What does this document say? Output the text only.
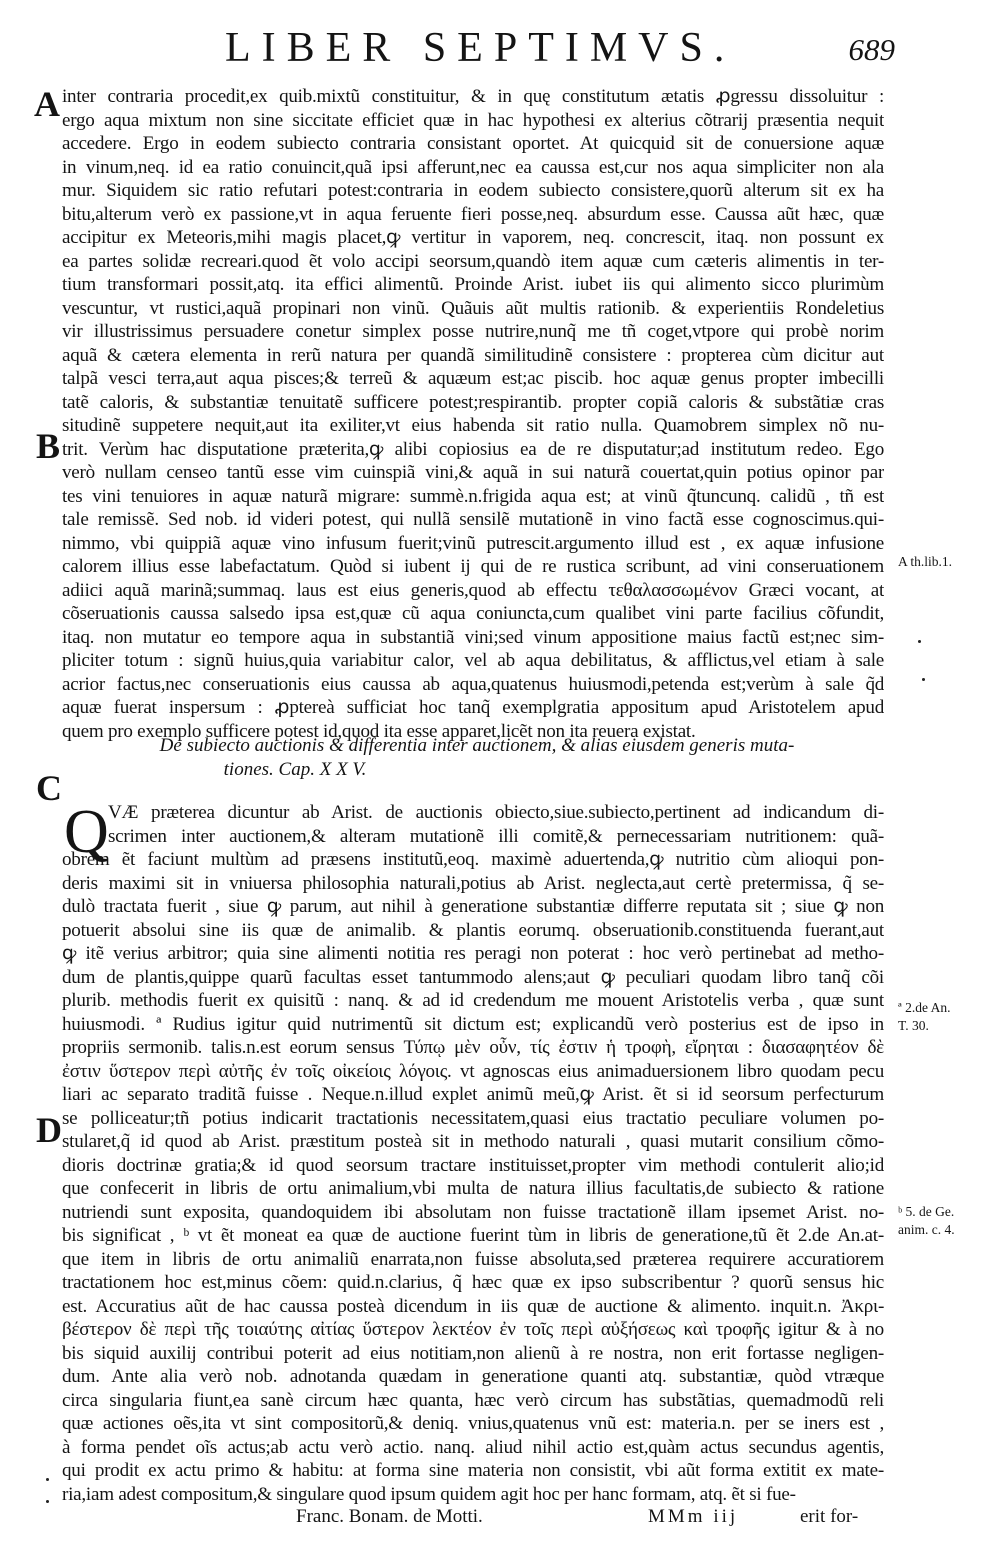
LIBER SEPTIMVS.	689
A
B
C
D
inter contraria procedit,ex quib.mixtũ constituitur, & in quę constitutum ætatis ꝓgressu dissoluitur :
ergo aqua mixtum non sine siccitate efficiet quæ in hac hypothesi ex alterius cõtrarij præsentia nequit
accedere. Ergo in eodem subiecto contraria consistant oportet. At quicquid sit de conuersione aquæ
in vinum,neq. id ea ratio conuincit,quã ipsi afferunt,nec ea caussa est,cur nos aqua simpliciter non ala
mur. Siquidem sic ratio refutari potest:contraria in eodem subiecto consistere,quorũ alterum sit ex ha
bitu,alterum verò ex passione,vt in aqua feruente fieri posse,neq. absurdum esse. Caussa aũt hæc, quæ
accipitur ex Meteoris,mihi magis placet,ꝙ vertitur in vaporem, neq. concrescit, itaq. non possunt ex
ea partes solidæ recreari.quod ẽt volo accipi seorsum,quandò item aquæ cum cæteris alimentis in ter-
tium transformari possit,atq. ita effici alimentũ. Proinde Arist. iubet iis qui alimento sicco plurimùm
vescuntur, vt rustici,aquã propinari non vinũ. Quãuis aũt multis rationib. & experientiis Rondeletius
vir illustrissimus persuadere conetur simplex posse nutrire,nunq̃ me tñ coget,vtpore qui probè norim
aquã & cætera elementa in rerũ natura per quandã similitudinẽ consistere : propterea cùm dicitur aut
talpã vesci terra,aut aqua pisces;& terreũ & aquæum est;ac piscib. hoc aquæ genus propter imbecilli
tatẽ caloris, & substantiæ tenuitatẽ sufficere potest;respirantib. propter copiã caloris & substãtiæ cras
situdinẽ suppetere nequit,aut ita exiliter,vt eius habenda sit ratio nulla. Quamobrem simplex nõ nu-
trit. Verùm hac disputatione præterita,ꝙ alibi copiosius ea de re disputatur;ad institutum redeo. Ego
verò nullam censeo tantũ esse vim cuinspiã vini,& aquã in sui naturã couertat,quin potius opinor par
tes vini tenuiores in aquæ naturã migrare: summè.n.frigida aqua est; at vinũ q̃tuncunq. calidũ , tñ est
tale remissẽ. Sed nob. id videri potest, qui nullã sensilẽ mutationẽ in vino factã esse cognoscimus.qui-
nimmo, vbi quippiã aquæ vino infusum fuerit;vinũ putrescit.argumento illud est , ex aquæ infusione
calorem illius esse labefactatum. Quòd si iubent ij qui de re rustica scribunt, ad vini conseruationem
adiici aquã marinã;summaq. laus est eius generis,quod ab effectu τεθαλασσωμένον Græci vocant, at
cõseruationis caussa salsedo ipsa est,quæ cũ aqua coniuncta,cum qualibet vini parte facilius cõfundit,
itaq. non mutatur eo tempore aqua in substantiã vini;sed vinum appositione maius factũ est;nec sim-
pliciter totum : signũ huius,quia variabitur calor, vel ab aqua debilitatus, & afflictus,vel etiam à sale
acrior factus,nec conseruationis eius caussa ab aqua,quatenus huiusmodi,petenda est;verùm à sale q̃d
aquæ fuerat inspersum : ꝓptereà sufficiat hoc tanq̃ exemplgratia appositum apud Aristotelem apud
quem pro exemplo sufficere potest id,quod ita esse apparet,licẽt non ita reuera existat.
De subiecto auctionis & differentia inter auctionem, & alias eiusdem generis muta-
tiones. Cap. X X V.
Q VÆ præterea dicuntur ab Arist. de auctionis obiecto,siue.subiecto,pertinent ad indicandum di-
scrimen inter auctionem,& alteram mutationẽ illi comitẽ,& pernecessariam nutritionem: quã-
obrem ẽt faciunt multùm ad præsens institutũ,eoq. maximè aduertenda,ꝙ nutritio cùm alioqui pon-
deris maximi sit in vniuersa philosophia naturali,potius ab Arist. neglecta,aut certè pretermissa, q̃ se-
dulò tractata fuerit , siue ꝙ parum, aut nihil à generatione substantiæ differre reputata sit ; siue ꝙ non
potuerit absolui sine iis quæ de animalib. & plantis eorumq. obseruationib.constituenda fuerant,aut
ꝙ itẽ verius arbitror; quia sine alimenti notitia res peragi non poterat : hoc verò pertinebat ad metho-
dum de plantis,quippe quarũ facultas esset tantummodo alens;aut ꝙ peculiari quodam libro tanq̃ cõi
plurib. methodis fuerit ex quisitũ : nanq. & ad id credendum me mouent Aristotelis verba , quæ sunt
huiusmodi. ª Rudius igitur quid nutrimentũ sit dictum est; explicandũ verò posterius est de ipso in
propriis sermonib. talis.n.est eorum sensus Τύπῳ μὲν οὖν, τίς ἐστιν ἡ τροφὴ, εἴρηται : διασαφητέον δὲ
ἐστιν ὕστερον περὶ αὐτῆς ἐν τοῖς οἰκείοις λόγοις. vt agnoscas eius animaduersionem libro quodam pecu
liari ac separato traditã fuisse . Neque.n.illud explet animũ meũ,ꝙ Arist. ẽt si id seorsum perfecturum
se polliceatur;tñ potius indicarit tractationis necessitatem,quasi eius tractatio peculiare volumen po-
stularet,q̃ id quod ab Arist. præstitum posteà sit in methodo naturali , quasi mutarit consilium cõmo-
dioris doctrinæ gratia;& id quod seorsum tractare instituisset,propter vim methodi contulerit alio;id
que confecerit in libris de ortu animalium,vbi multa de natura illius facultatis,de subiecto & ratione
nutriendi sunt exposita, quandoquidem ibi absolutam non fuisse tractationẽ illam ipsemet Arist. no-
bis significat , ᵇ vt ẽt moneat ea quæ de auctione fuerint tùm in libris de generatione,tũ ẽt 2.de An.at-
que item in libris de ortu animaliũ enarrata,non fuisse absoluta,sed præterea requirere accuratiorem
tractationem hoc est,minus cõem: quid.n.clarius, q̃ hæc quæ ex ipso subscribentur ? quorũ sensus hic
est. Accuratius aũt de hac caussa posteà dicendum in iis quæ de auctione & alimento. inquit.n. Ἀκρι-
βέστερον δὲ περὶ τῆς τοιαύτης αἰτίας ὕστερον λεκτέον ἐν τοῖς περὶ αὐξήσεως καὶ τροφῆς igitur & à no
bis siquid auxilij contribui poterit ad eius notitiam,non alienũ à re nostra, non erit fortasse negligen-
dum. Ante alia verò nob. adnotanda quædam in generatione quanti atq. substantiæ, quòd vtræque
circa singularia fiunt,ea sanè circum hæc quanta, hæc verò circum has substãtias, quemadmodũ reli
quæ actiones oẽs,ita vt sint compositorũ,& deniq. vnius,quatenus vnũ est: materia.n. per se iners est ,
à forma pendet oĩs actus;ab actu verò actio. nanq. aliud nihil actio est,quàm actus secundus agentis,
qui prodit ex actu primo & habitu: at forma sine materia non consistit, vbi aũt forma extitit ex mate-
ria,iam adest compositum,& singulare quod ipsum quidem agit hoc per hanc formam, atq. ẽt si fue-
A th.lib.1.
ª 2.de An.
T. 30.
ᵇ 5. de Ge.
anim. c. 4.
Franc. Bonam. de Motti.	MMm iij	erit for-
